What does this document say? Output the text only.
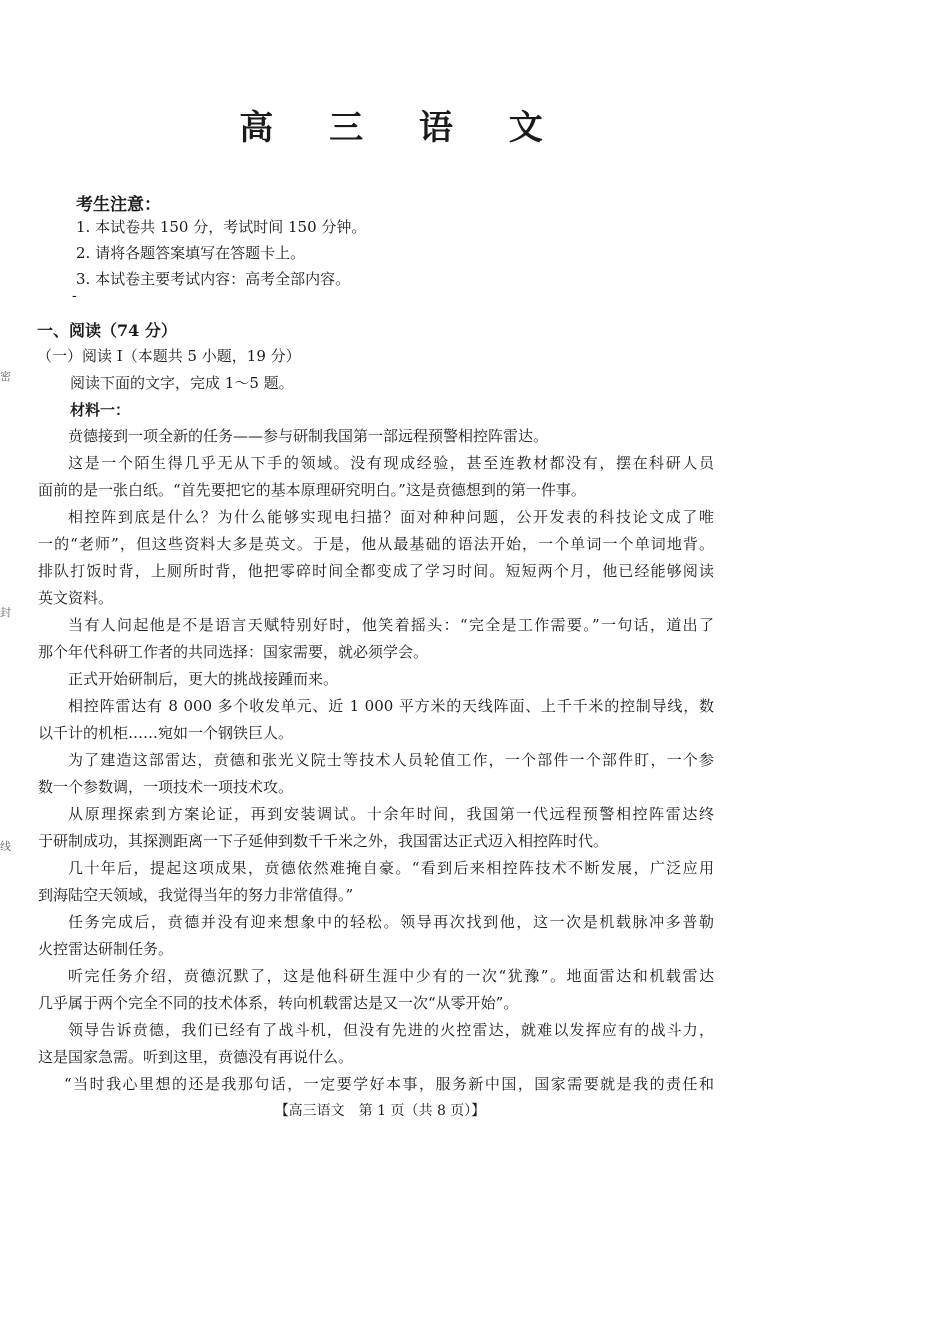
高 三 语 文
考生注意：
1. 本试卷共 150 分，考试时间 150 分钟。
2. 请将各题答案填写在答题卡上。
3. 本试卷主要考试内容：高考全部内容。
-
一、阅读（74 分）
（一）阅读 I（本题共 5 小题，19 分）
阅读下面的文字，完成 1～5 题。
材料一：
贲德接到一项全新的任务——参与研制我国第一部远程预警相控阵雷达。
这是一个陌生得几乎无从下手的领域。没有现成经验，甚至连教材都没有，摆在科研人员
面前的是一张白纸。“首先要把它的基本原理研究明白。”这是贲德想到的第一件事。
相控阵到底是什么？为什么能够实现电扫描？面对种种问题，公开发表的科技论文成了唯
一的“老师”，但这些资料大多是英文。于是，他从最基础的语法开始，一个单词一个单词地背。
排队打饭时背，上厕所时背，他把零碎时间全都变成了学习时间。短短两个月，他已经能够阅读
英文资料。
当有人问起他是不是语言天赋特别好时，他笑着摇头：“完全是工作需要。”一句话，道出了
那个年代科研工作者的共同选择：国家需要，就必须学会。
正式开始研制后，更大的挑战接踵而来。
相控阵雷达有 8 000 多个收发单元、近 1 000 平方米的天线阵面、上千千米的控制导线，数
以千计的机柜……宛如一个钢铁巨人。
为了建造这部雷达，贲德和张光义院士等技术人员轮值工作，一个部件一个部件盯，一个参
数一个参数调，一项技术一项技术攻。
从原理探索到方案论证，再到安装调试。十余年时间，我国第一代远程预警相控阵雷达终
于研制成功，其探测距离一下子延伸到数千千米之外，我国雷达正式迈入相控阵时代。
几十年后，提起这项成果，贲德依然难掩自豪。“看到后来相控阵技术不断发展，广泛应用
到海陆空天领域，我觉得当年的努力非常值得。”
任务完成后，贲德并没有迎来想象中的轻松。领导再次找到他，这一次是机载脉冲多普勒
火控雷达研制任务。
听完任务介绍，贲德沉默了，这是他科研生涯中少有的一次“犹豫”。地面雷达和机载雷达
几乎属于两个完全不同的技术体系，转向机载雷达是又一次“从零开始”。
领导告诉贲德，我们已经有了战斗机，但没有先进的火控雷达，就难以发挥应有的战斗力，
这是国家急需。听到这里，贲德没有再说什么。
“当时我心里想的还是我那句话，一定要学好本事，服务新中国，国家需要就是我的责任和
【高三语文　第 1 页（共 8 页）】
密
封
线
